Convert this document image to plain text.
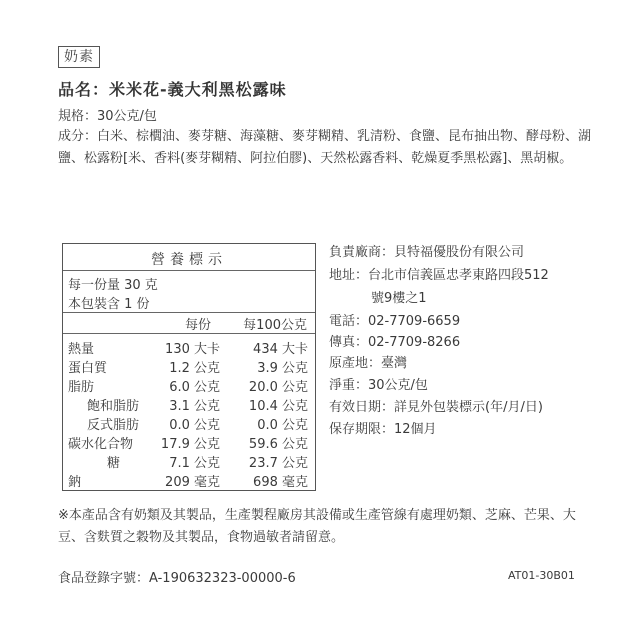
奶素
品名：米米花-義大利黑松露味
規格：30公克/包
成分：白米、棕櫚油、麥芽糖、海藻糖、麥芽糊精、乳清粉、食鹽、昆布抽出物、酵母粉、湖鹽、松露粉[米、香料(麥芽糊精、阿拉伯膠)、天然松露香料、乾燥夏季黑松露]、黑胡椒。
營養標示
每一份量 30 克
本包裝含 1 份
每份 每100公克
熱量	130 大卡	434 大卡
蛋白質	1.2 公克	3.9 公克
脂肪	6.0 公克 20.0 公克
飽和脂肪 3.1 公克 10.4 公克
反式脂肪 0.0 公克	0.0 公克
碳水化合物 17.9 公克 59.6 公克
糖	7.1 公克 23.7 公克
鈉	209 毫克	698 毫克
負責廠商：貝特福優股份有限公司
地址：台北市信義區忠孝東路四段512
號9樓之1
電話：02-7709-6659
傳真：02-7709-8266
原產地：臺灣
淨重：30公克/包
有效日期：詳見外包裝標示(年/月/日)
保存期限：12個月
※本產品含有奶類及其製品，生產製程廠房其設備或生產管線有處理奶類、芝麻、芒果、大豆、含麩質之穀物及其製品，食物過敏者請留意。
食品登錄字號：A-190632323-00000-6	AT01-30B01
